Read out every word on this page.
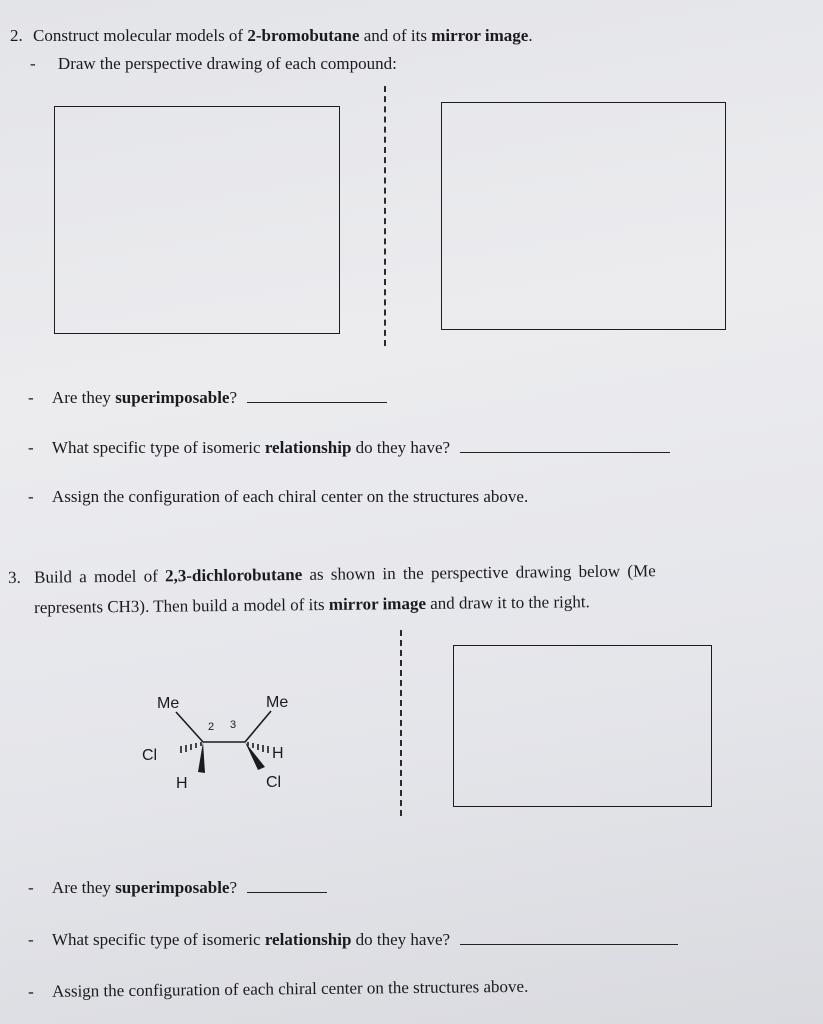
2. Construct molecular models of 2-bromobutane and of its mirror image.
- Draw the perspective drawing of each compound:
- Are they superimposable?
- What specific type of isomeric relationship do they have?
- Assign the configuration of each chiral center on the structures above.
3. Build a model of 2,3-dichlorobutane as shown in the perspective drawing below (Me
represents CH3). Then build a model of its mirror image and draw it to the right.
Me	Me
2 3
Cl	H
H	Cl
- Are they superimposable?
- What specific type of isomeric relationship do they have?
- Assign the configuration of each chiral center on the structures above.
